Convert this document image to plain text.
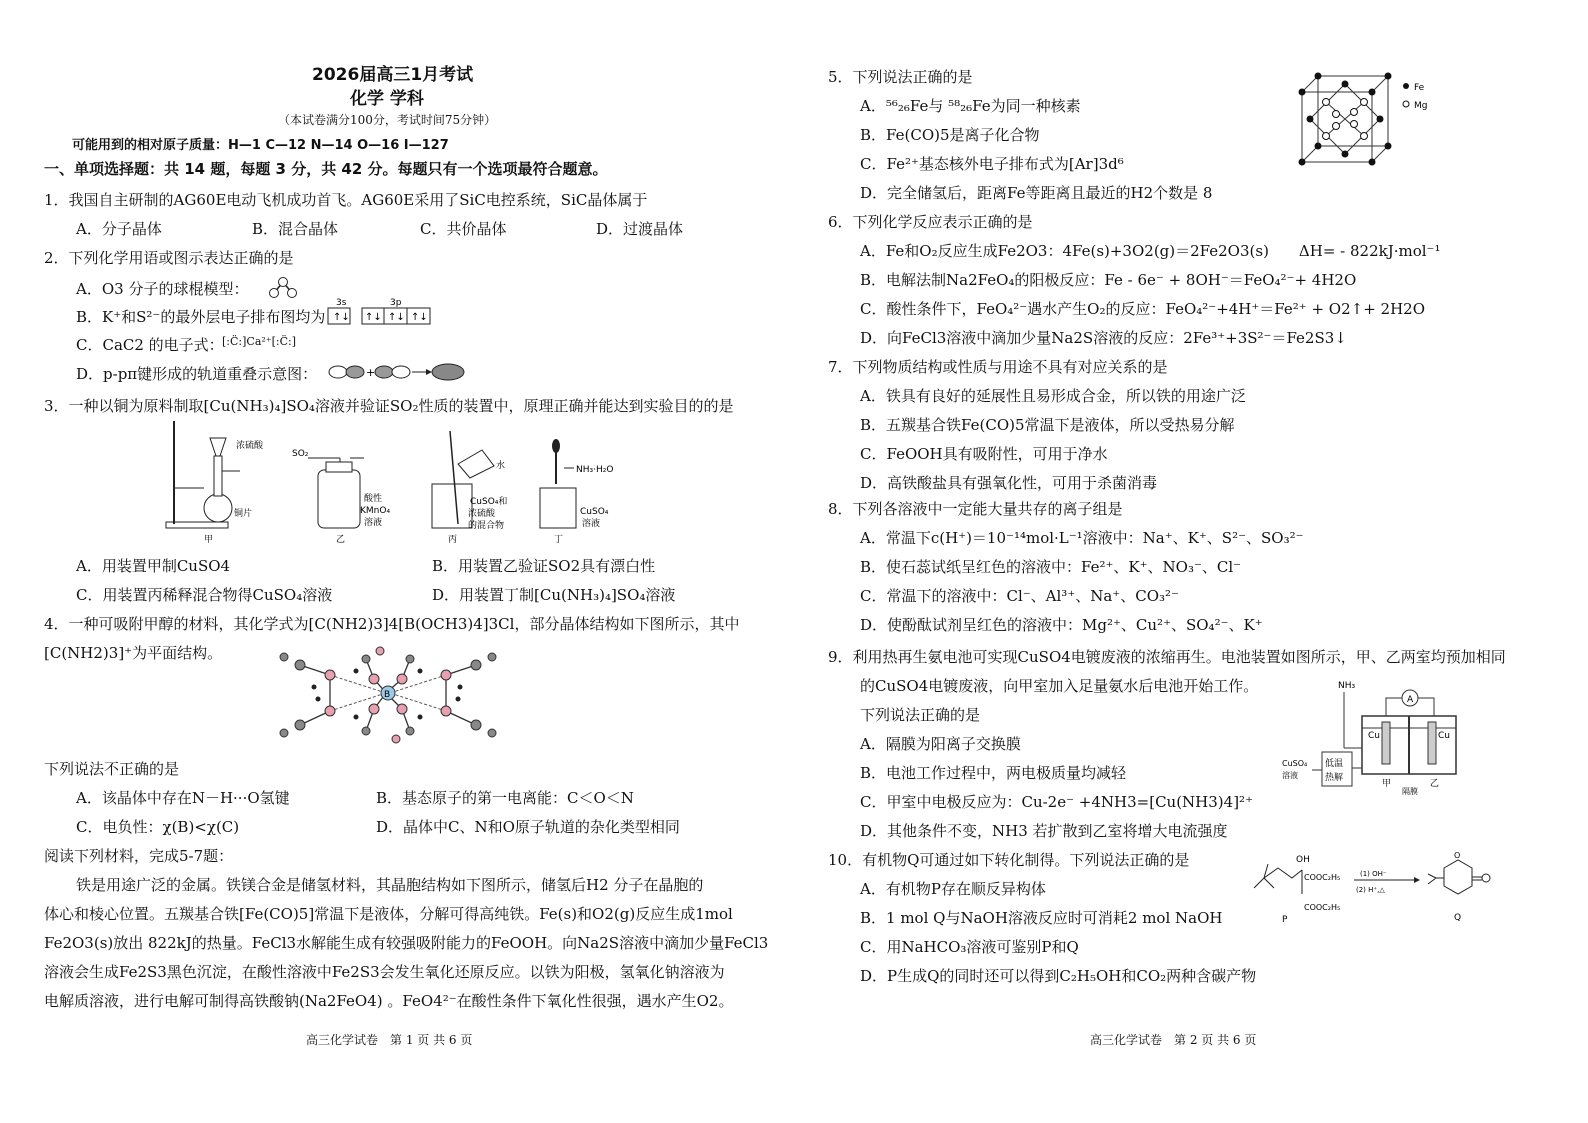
2026届高三1月考试
化学 学科
（本试卷满分100分，考试时间75分钟）
可能用到的相对原子质量：H—1 C—12 N—14 O—16 I—127
一、单项选择题：共 14 题，每题 3 分，共 42 分。每题只有一个选项最符合题意。
1．我国自主研制的AG60E电动飞机成功首飞。AG60E采用了SiC电控系统，SiC晶体属于
A．分子晶体	B．混合晶体	C．共价晶体	D．过渡晶体
2．下列化学用语或图示表达正确的是
A．O3 分子的球棍模型：
B．K⁺和S²⁻的最外层电子排布图均为
3s	3p
↑↓ ↑↓ ↑↓ ↑↓
C．CaC2 的电子式：
[:C̈:]Ca²⁺[:C̈:]
D．p-pπ键形成的轨道重叠示意图：	+
3．一种以铜为原料制取[Cu(NH₃)₄]SO₄溶液并验证SO₂性质的装置中，原理正确并能达到实验目的的是
浓硫酸
铜片
甲
SO₂
酸性
KMnO₄
溶液
乙
水
CuSO₄和
浓硫酸
的混合物
丙
NH₃·H₂O
CuSO₄
溶液
丁
A．用装置甲制CuSO4	B．用装置乙验证SO2具有漂白性
C．用装置丙稀释混合物得CuSO₄溶液	D．用装置丁制[Cu(NH₃)₄]SO₄溶液
4．一种可吸附甲醇的材料，其化学式为[C(NH2)3]4[B(OCH3)4]3Cl，部分晶体结构如下图所示，其中
[C(NH2)3]⁺为平面结构。
B
下列说法不正确的是
A．该晶体中存在N－H···O氢键	B．基态原子的第一电离能：C＜O＜N
C．电负性：χ(B)<χ(C)	D．晶体中C、N和O原子轨道的杂化类型相同
阅读下列材料，完成5-7题：
铁是用途广泛的金属。铁镁合金是储氢材料，其晶胞结构如下图所示，储氢后H2 分子在晶胞的
体心和棱心位置。五羰基合铁[Fe(CO)5]常温下是液体，分解可得高纯铁。Fe(s)和O2(g)反应生成1mol
Fe2O3(s)放出 822kJ的热量。FeCl3水解能生成有较强吸附能力的FeOOH。向Na2S溶液中滴加少量FeCl3
溶液会生成Fe2S3黑色沉淀，在酸性溶液中Fe2S3会发生氧化还原反应。以铁为阳极，氢氧化钠溶液为
电解质溶液，进行电解可制得高铁酸钠(Na2FeO4) 。FeO4²⁻在酸性条件下氧化性很强，遇水产生O2。
高三化学试卷　第 1 页 共 6 页
5．下列说法正确的是
Fe
Mg
A．⁵⁶₂₆Fe与 ⁵⁸₂₆Fe为同一种核素
B．Fe(CO)5是离子化合物
C．Fe²⁺基态核外电子排布式为[Ar]3d⁶
D．完全储氢后，距离Fe等距离且最近的H2个数是 8
6．下列化学反应表示正确的是
A．Fe和O₂反应生成Fe2O3：4Fe(s)+3O2(g)＝2Fe2O3(s)　　ΔH= - 822kJ·mol⁻¹
B．电解法制Na2FeO₄的阳极反应：Fe - 6e⁻ + 8OH⁻＝FeO₄²⁻+ 4H2O
C．酸性条件下，FeO₄²⁻遇水产生O₂的反应：FeO₄²⁻+4H⁺＝Fe²⁺ + O2↑+ 2H2O
D．向FeCl3溶液中滴加少量Na2S溶液的反应：2Fe³⁺+3S²⁻＝Fe2S3↓
7．下列物质结构或性质与用途不具有对应关系的是
A．铁具有良好的延展性且易形成合金，所以铁的用途广泛
B．五羰基合铁Fe(CO)5常温下是液体，所以受热易分解
C．FeOOH具有吸附性，可用于净水
D．高铁酸盐具有强氧化性，可用于杀菌消毒
8．下列各溶液中一定能大量共存的离子组是
A．常温下c(H⁺)＝10⁻¹⁴mol·L⁻¹溶液中：Na⁺、K⁺、S²⁻、SO₃²⁻
B．使石蕊试纸呈红色的溶液中：Fe²⁺、K⁺、NO₃⁻、Cl⁻
C．常温下的溶液中：Cl⁻、Al³⁺、Na⁺、CO₃²⁻
D．使酚酞试剂呈红色的溶液中：Mg²⁺、Cu²⁺、SO₄²⁻、K⁺
9．利用热再生氨电池可实现CuSO4电镀废液的浓缩再生。电池装置如图所示，甲、乙两室均预加相同
的CuSO4电镀废液，向甲室加入足量氨水后电池开始工作。
下列说法正确的是
NH₃
A
Cu	Cu
低温
热解
CuSO₄
溶液
甲	乙
隔膜
A．隔膜为阳离子交换膜
B．电池工作过程中，两电极质量均减轻
C．甲室中电极反应为：Cu-2e⁻ +4NH3=[Cu(NH3)4]²⁺
D．其他条件不变，NH3 若扩散到乙室将增大电流强度
10．有机物Q可通过如下转化制得。下列说法正确的是	OH
COOC₂H₅
COOC₂H₅
P
(1) OH⁻
(2) H⁺,△
O
Q
A．有机物P存在顺反异构体
B．1 mol Q与NaOH溶液反应时可消耗2 mol NaOH
C．用NaHCO₃溶液可鉴别P和Q
D．P生成Q的同时还可以得到C₂H₅OH和CO₂两种含碳产物
高三化学试卷　第 2 页 共 6 页
